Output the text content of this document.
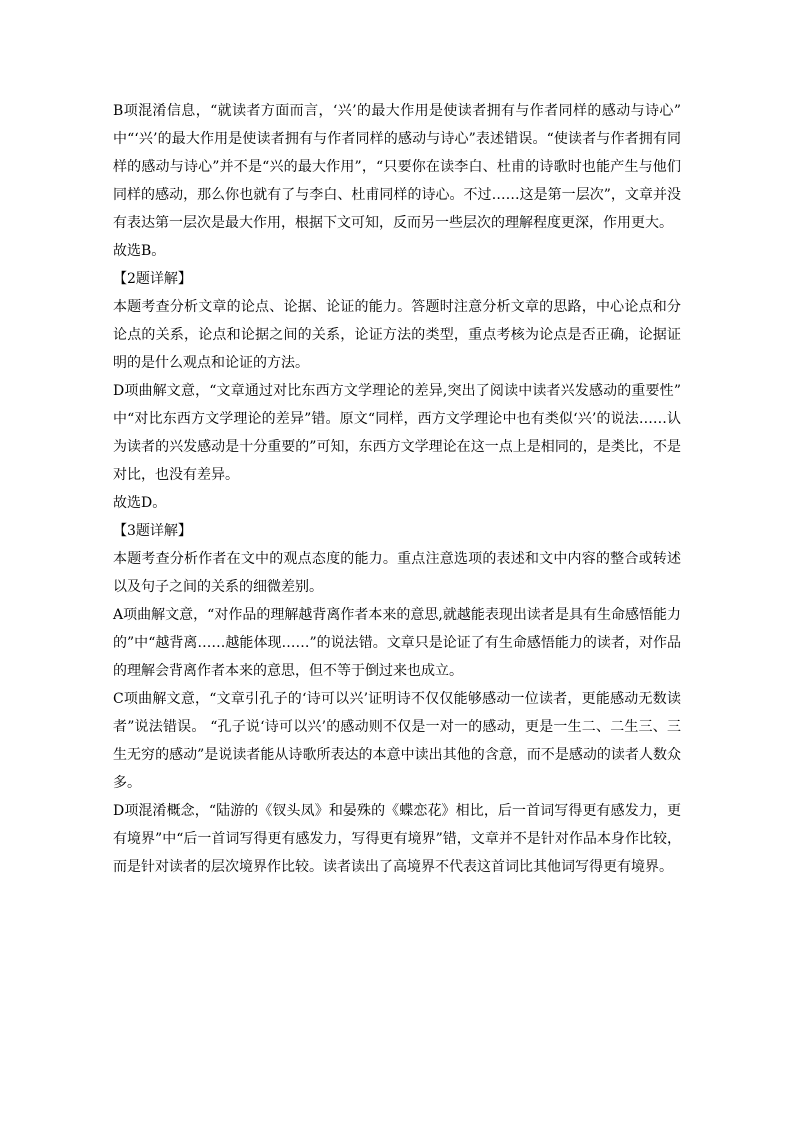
B项混淆信息，“就读者方面而言，‘兴’的最大作用是使读者拥有与作者同样的感动与诗心” 中“‘兴’的最大作用是使读者拥有与作者同样的感动与诗心”表述错误。“使读者与作者拥有同样的感动与诗心”并不是“兴的最大作用”，“只要你在读李白、杜甫的诗歌时也能产生与他们同样的感动，那么你也就有了与李白、杜甫同样的诗心。不过……这是第一层次”，文章并没有表达第一层次是最大作用，根据下文可知，反而另一些层次的理解程度更深，作用更大。

故选B。

【2题详解】

本题考查分析文章的论点、论据、论证的能力。答题时注意分析文章的思路，中心论点和分论点的关系，论点和论据之间的关系，论证方法的类型，重点考核为论点是否正确，论据证明的是什么观点和论证的方法。

D项曲解文意，“文章通过对比东西方文学理论的差异,突出了阅读中读者兴发感动的重要性”中“对比东西方文学理论的差异”错。原文“同样，西方文学理论中也有类似‘兴’的说法……认为读者的兴发感动是十分重要的”可知，东西方文学理论在这一点上是相同的，是类比，不是对比，也没有差异。

故选D。

【3题详解】

本题考查分析作者在文中的观点态度的能力。重点注意选项的表述和文中内容的整合或转述以及句子之间的关系的细微差别。

A项曲解文意，“对作品的理解越背离作者本来的意思,就越能表现出读者是具有生命感悟能力的”中“越背离……越能体现……”的说法错。文章只是论证了有生命感悟能力的读者，对作品的理解会背离作者本来的意思，但不等于倒过来也成立。

C项曲解文意，“文章引孔子的‘诗可以兴’证明诗不仅仅能够感动一位读者，更能感动无数读者”说法错误。 “孔子说‘诗可以兴’的感动则不仅是一对一的感动，更是一生二、二生三、三生无穷的感动”是说读者能从诗歌所表达的本意中读出其他的含意，而不是感动的读者人数众多。

D项混淆概念，“陆游的《钗头凤》和晏殊的《蝶恋花》相比，后一首词写得更有感发力，更有境界”中“后一首词写得更有感发力，写得更有境界”错，文章并不是针对作品本身作比较，而是针对读者的层次境界作比较。读者读出了高境界不代表这首词比其他词写得更有境界。
